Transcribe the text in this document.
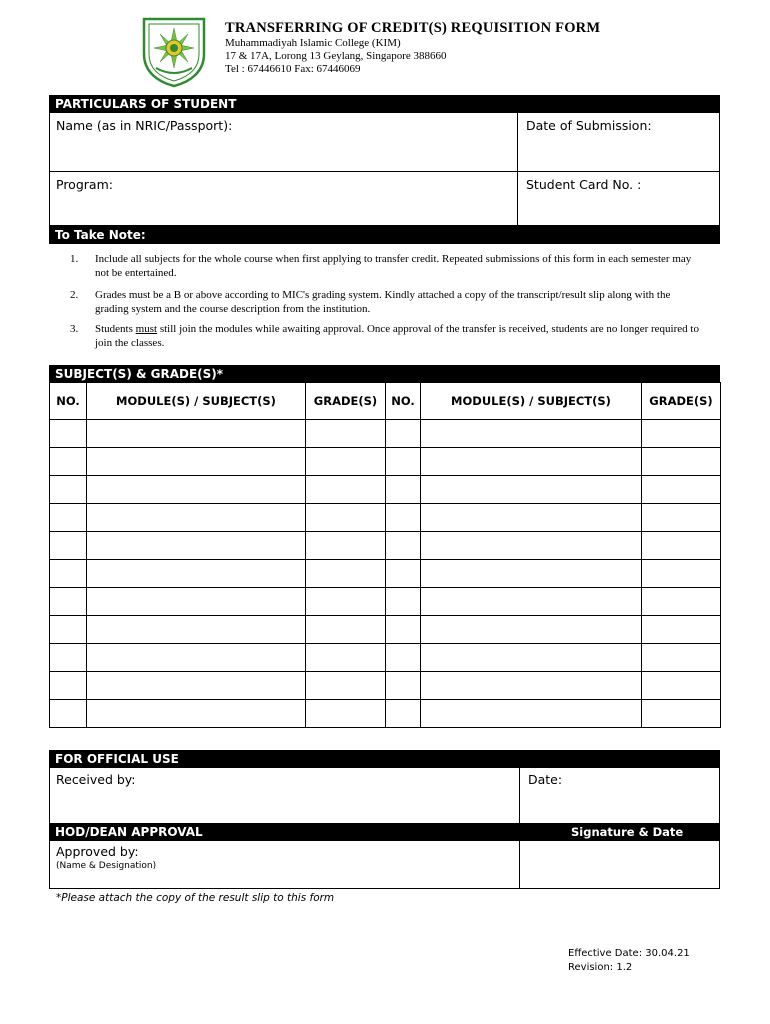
TRANSFERRING OF CREDIT(S) REQUISITION FORM
Muhammadiyah Islamic College (KIM)
17 & 17A, Lorong 13 Geylang, Singapore 388660
Tel : 67446610 Fax: 67446069
PARTICULARS OF STUDENT
Name (as in NRIC/Passport):	Date of Submission:
Program:	Student Card No. :
To Take Note:
1. Include all subjects for the whole course when first applying to transfer credit. Repeated submissions of this form in each semester may not be entertained.
2. Grades must be a B or above according to MIC's grading system. Kindly attached a copy of the transcript/result slip along with the grading system and the course description from the institution.
3. Students must still join the modules while awaiting approval. Once approval of the transfer is received, students are no longer required to join the classes.
SUBJECT(S) & GRADE(S)*
NO.	MODULE(S) / SUBJECT(S)	GRADE(S)	NO.	MODULE(S) / SUBJECT(S)	GRADE(S)

FOR OFFICIAL USE
Received by:	Date:
HOD/DEAN APPROVAL	Signature & Date
Approved by:
(Name & Designation)
*Please attach the copy of the result slip to this form
Effective Date: 30.04.21
Revision: 1.2
